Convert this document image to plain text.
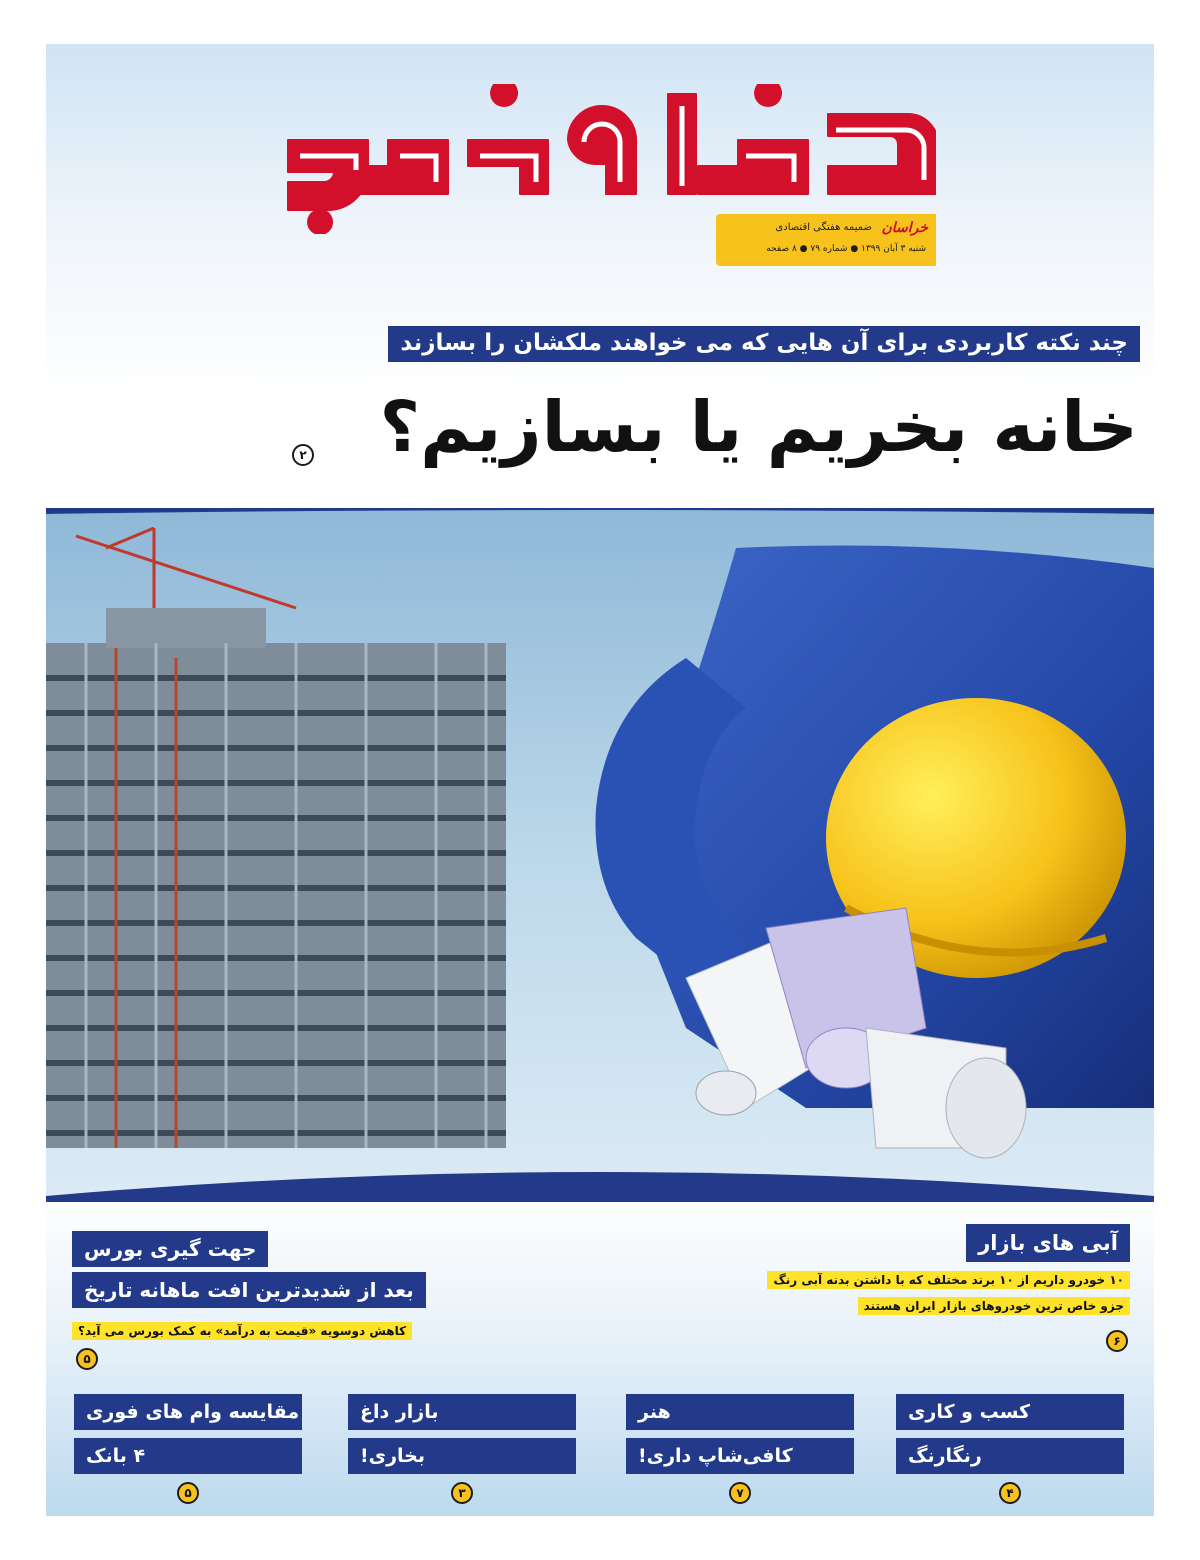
خراسان
ضمیمه هفتگی اقتصادی
شنبه ۳ آبان ۱۳۹۹ ● شماره ۷۹ ● ۸ صفحه
چند نکته کاربردی برای آن هایی که می خواهند ملکشان را بسازند
خانه بخریم یا بسازیم؟
۲
آبی های بازار
۱۰ خودرو داریم از ۱۰ برند مختلف که با داشتن بدنه آبی رنگ
جزو خاص ترین خودروهای بازار ایران هستند
۶
جهت گیری بورس
بعد از شدیدترین افت ماهانه تاریخ
کاهش دوسویه «قیمت به درآمد» به کمک بورس می آید؟
۵
کسب و کاری
رنگارنگ
۴
هنر
کافی‌شاپ داری!
۷
بازار داغ
بخاری!
۳
مقایسه وام های فوری
۴ بانک
۵
